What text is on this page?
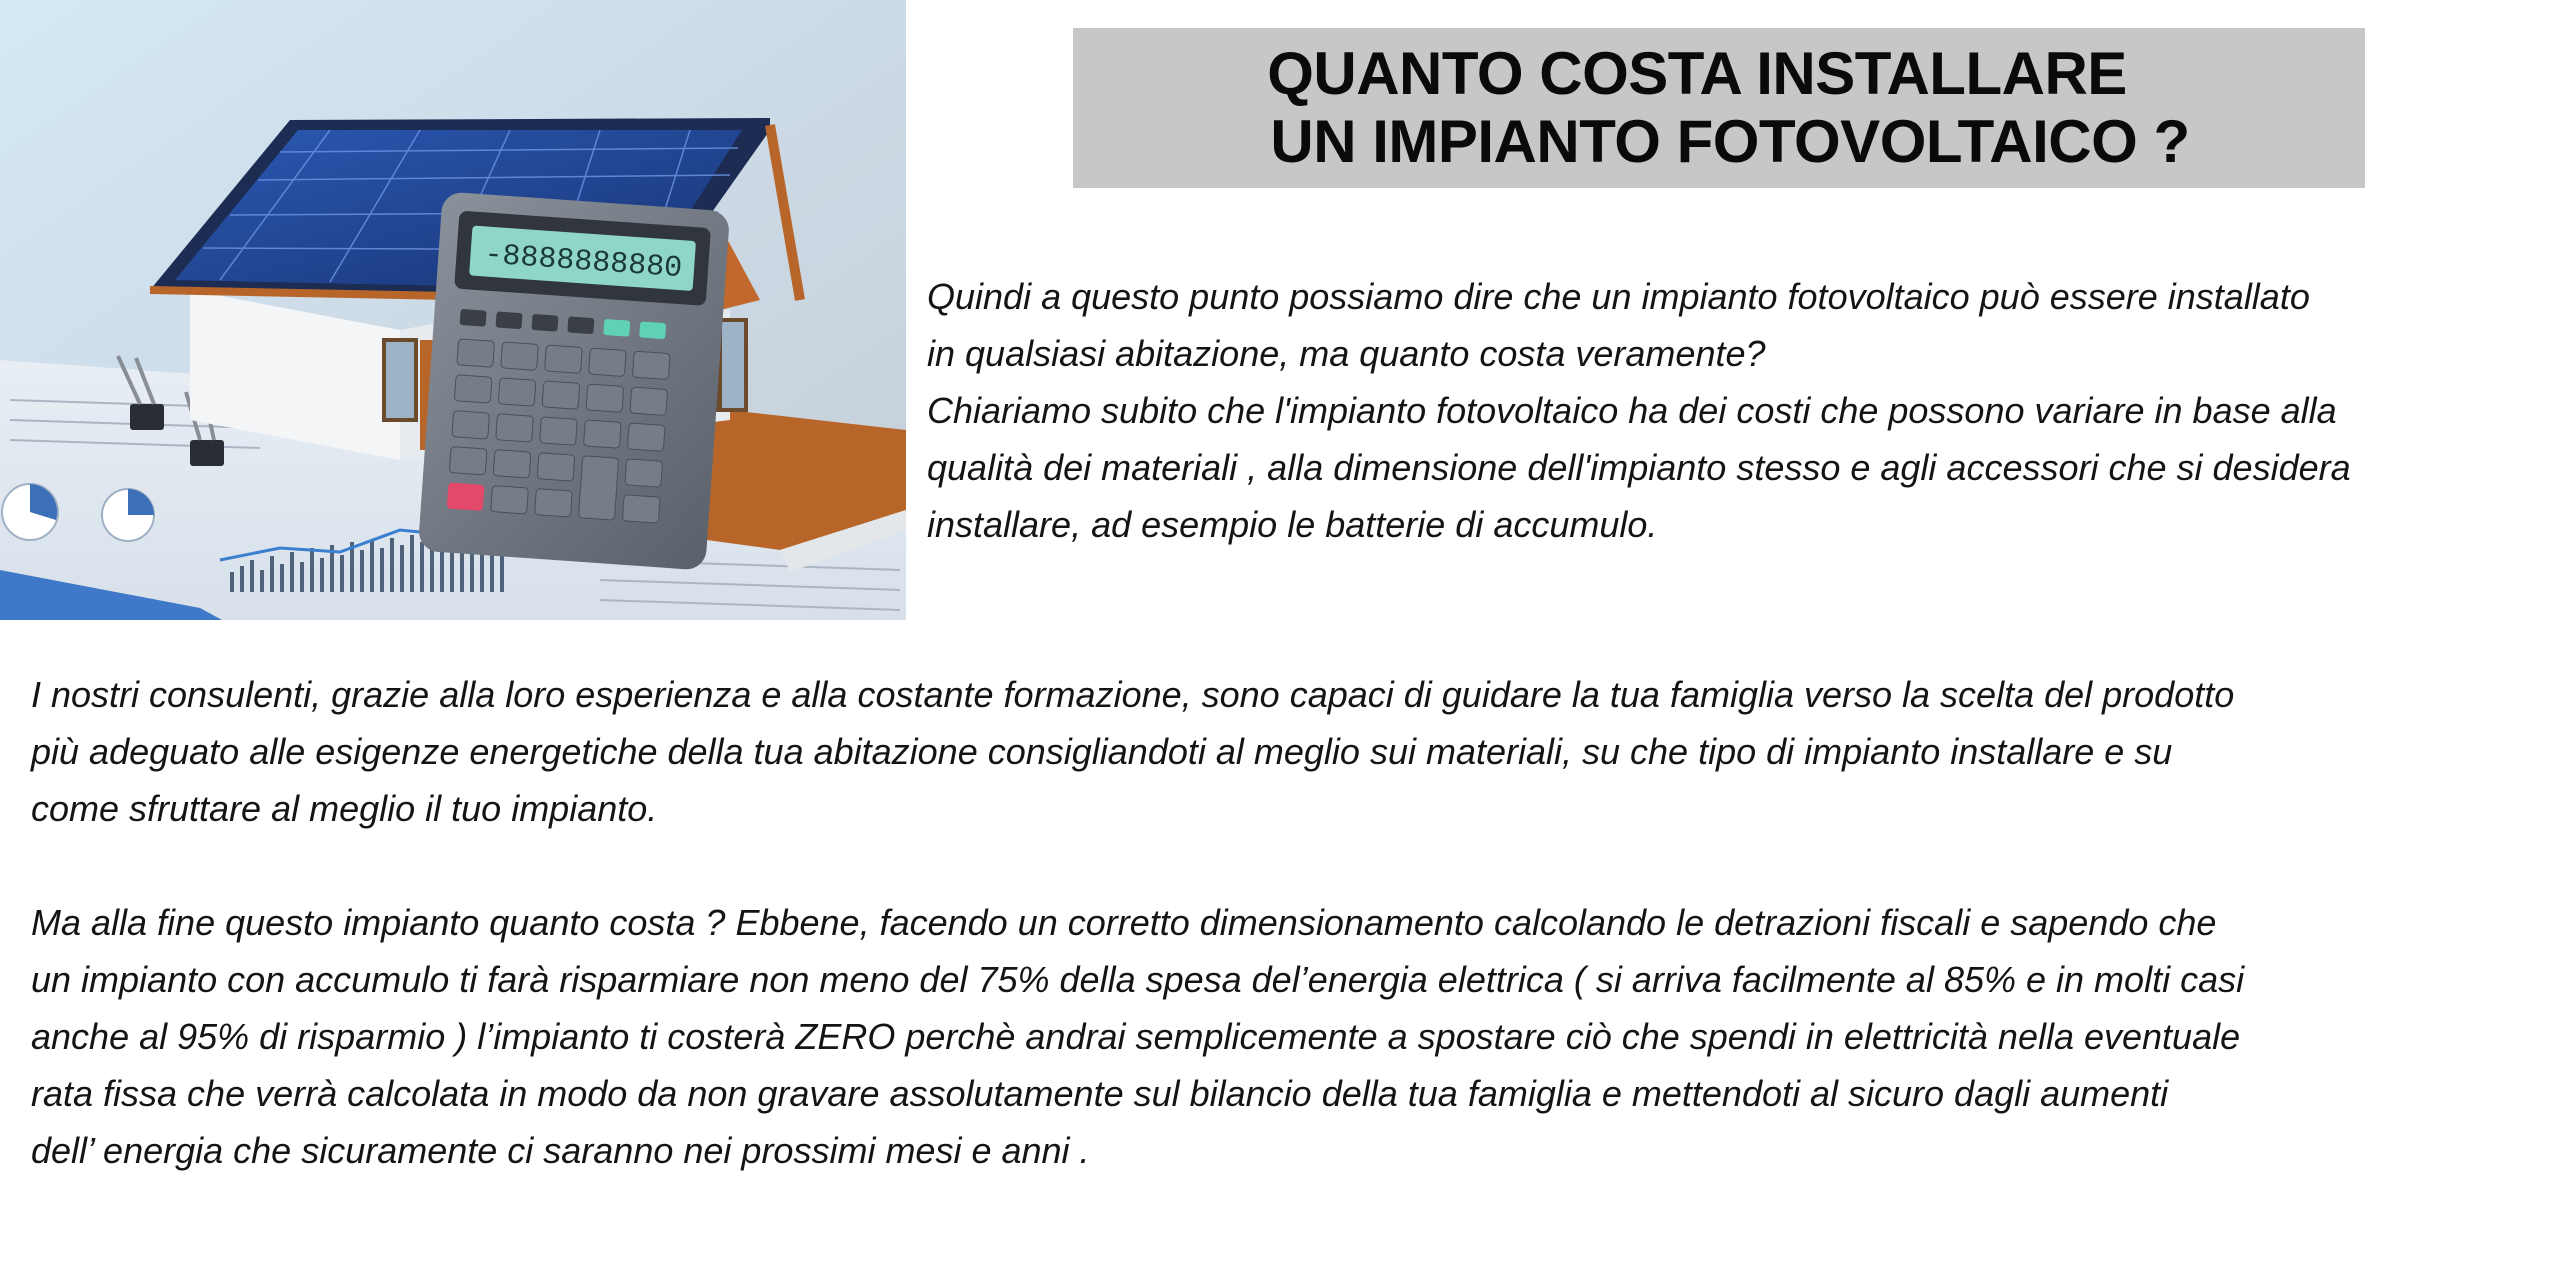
-8888888880
QUANTO COSTA INSTALLARE
UN IMPIANTO FOTOVOLTAICO ?

Quindi a questo punto possiamo dire che un impianto fotovoltaico può essere installato

in qualsiasi abitazione, ma quanto costa veramente?

Chiariamo subito che l'impianto fotovoltaico ha dei costi che possono variare in base alla

qualità dei materiali , alla dimensione dell'impianto stesso e agli accessori che si desidera

installare, ad esempio le batterie di accumulo.

I nostri consulenti, grazie alla loro esperienza e alla costante formazione, sono capaci di guidare la tua famiglia verso la scelta del prodotto

più adeguato alle esigenze energetiche della tua abitazione consigliandoti al meglio sui materiali, su che tipo di impianto installare e su

come sfruttare al meglio il tuo impianto.

Ma alla fine questo impianto quanto costa ? Ebbene, facendo un corretto dimensionamento calcolando le detrazioni fiscali e sapendo che

un impianto con accumulo ti farà risparmiare non meno del 75% della spesa del’energia elettrica ( si arriva facilmente al 85% e in molti casi

anche al 95% di risparmio ) l’impianto ti costerà ZERO perchè andrai semplicemente a spostare ciò che spendi in elettricità nella eventuale

rata fissa che verrà calcolata in modo da non gravare assolutamente sul bilancio della tua famiglia e mettendoti al sicuro dagli aumenti

dell’ energia che sicuramente ci saranno nei prossimi mesi e anni .
